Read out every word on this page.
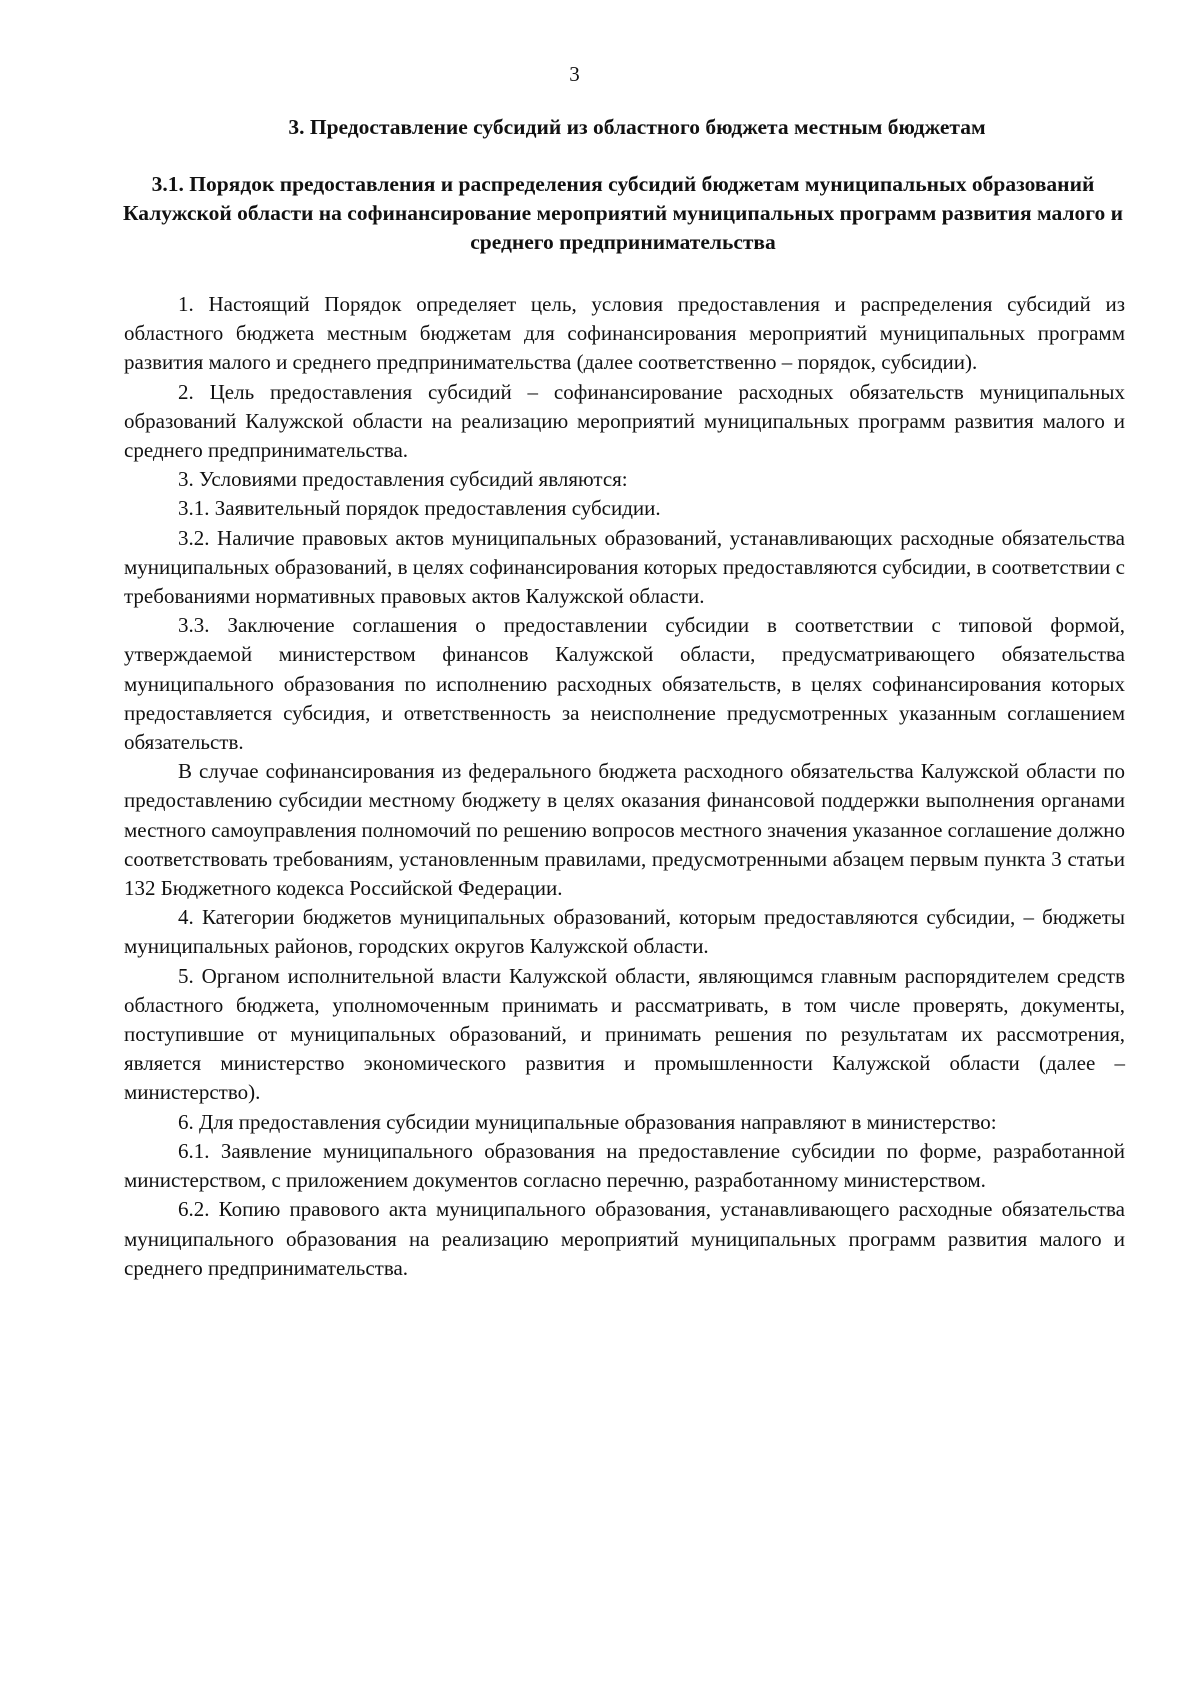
3
3. Предоставление субсидий из областного бюджета местным бюджетам
3.1. Порядок предоставления и распределения субсидий бюджетам муниципальных образований Калужской области на софинансирование мероприятий муниципальных программ развития малого и среднего предпринимательства

1. Настоящий Порядок определяет цель, условия предоставления и распределения субсидий из областного бюджета местным бюджетам для софинансирования мероприятий муниципальных программ развития малого и среднего предпринимательства (далее соответственно – порядок, субсидии).

2. Цель предоставления субсидий – софинансирование расходных обязательств муниципальных образований Калужской области на реализацию мероприятий муниципальных программ развития малого и среднего предпринимательства.

3. Условиями предоставления субсидий являются:

3.1. Заявительный порядок предоставления субсидии.

3.2. Наличие правовых актов муниципальных образований, устанавливающих расходные обязательства муниципальных образований, в целях софинансирования которых предоставляются субсидии, в соответствии с требованиями нормативных правовых актов Калужской области.

3.3. Заключение соглашения о предоставлении субсидии в соответствии с типовой формой, утверждаемой министерством финансов Калужской области, предусматривающего обязательства муниципального образования по исполнению расходных обязательств, в целях софинансирования которых предоставляется субсидия, и ответственность за неисполнение предусмотренных указанным соглашением обязательств.

В случае софинансирования из федерального бюджета расходного обязательства Калужской области по предоставлению субсидии местному бюджету в целях оказания финансовой поддержки выполнения органами местного самоуправления полномочий по решению вопросов местного значения указанное соглашение должно соответствовать требованиям, установленным правилами, предусмотренными абзацем первым пункта 3 статьи 132 Бюджетного кодекса Российской Федерации.

4. Категории бюджетов муниципальных образований, которым предоставляются субсидии, – бюджеты муниципальных районов, городских округов Калужской области.

5. Органом исполнительной власти Калужской области, являющимся главным распорядителем средств областного бюджета, уполномоченным принимать и рассматривать, в том числе проверять, документы, поступившие от муниципальных образований, и принимать решения по результатам их рассмотрения, является министерство экономического развития и промышленности Калужской области (далее – министерство).

6. Для предоставления субсидии муниципальные образования направляют в министерство:

6.1. Заявление муниципального образования на предоставление субсидии по форме, разработанной министерством, с приложением документов согласно перечню, разработанному министерством.

6.2. Копию правового акта муниципального образования, устанавливающего расходные обязательства муниципального образования на реализацию мероприятий муниципальных программ развития малого и среднего предпринимательства.
